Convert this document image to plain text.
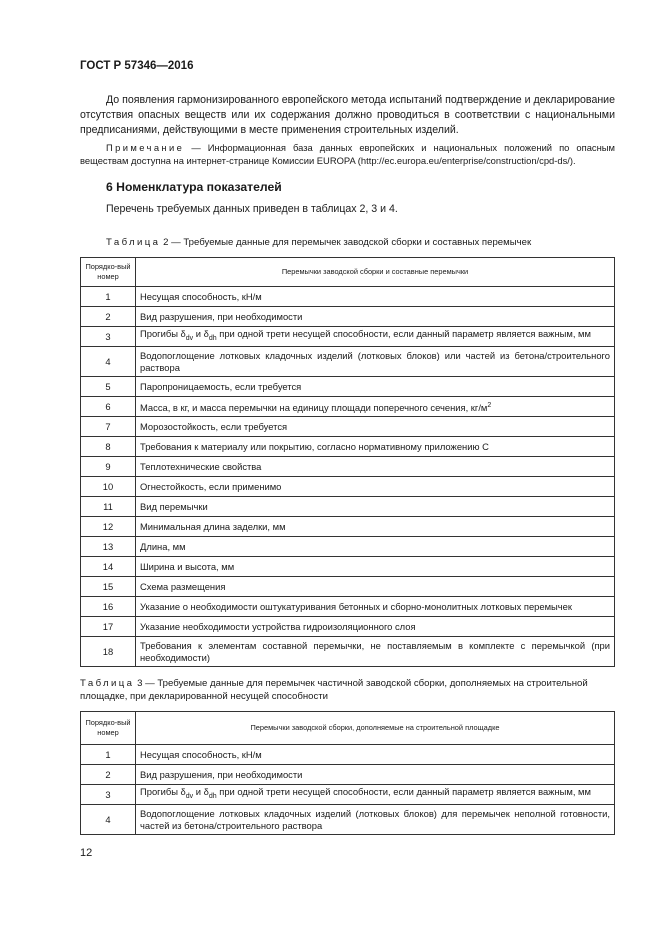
ГОСТ Р 57346—2016
До появления гармонизированного европейского метода испытаний подтверждение и декларирование отсутствия опасных веществ или их содержания должно проводиться в соответствии с национальными предписаниями, действующими в месте применения строительных изделий.
Примечание — Информационная база данных европейских и национальных положений по опасным веществам доступна на интернет-странице Комиссии EUROPA (http://ec.europa.eu/enterprise/construction/cpd-ds/).
6 Номенклатура показателей
Перечень требуемых данных приведен в таблицах 2, 3 и 4.
Таблица 2 — Требуемые данные для перемычек заводской сборки и составных перемычек
Порядко-вый номер	Перемычки заводской сборки и составные перемычки
1	Несущая способность, кН/м
2	Вид разрушения, при необходимости
3	Прогибы $\delta_{dv}$ и $\delta_{dh}$ при одной трети несущей способности, если данный параметр является важным, мм
4	Водопоглощение лотковых кладочных изделий (лотковых блоков) или частей из бетона/строительного раствора
5	Паропроницаемость, если требуется
6	Масса, в кг, и масса перемычки на единицу площади поперечного сечения, $кг/м^2$
7	Морозостойкость, если требуется
8	Требования к материалу или покрытию, согласно нормативному приложению С
9	Теплотехнические свойства
10	Огнестойкость, если применимо
11	Вид перемычки
12	Минимальная длина заделки, мм
13	Длина, мм
14	Ширина и высота, мм
15	Схема размещения
16	Указание о необходимости оштукатуривания бетонных и сборно-монолитных лотковых перемычек
17	Указание необходимости устройства гидроизоляционного слоя
18	Требования к элементам составной перемычки, не поставляемым в комплекте с перемычкой (при необходимости)
Таблица 3 — Требуемые данные для перемычек частичной заводской сборки, дополняемых на строительной площадке, при декларированной несущей способности
Порядко-вый номер	Перемычки заводской сборки, дополняемые на строительной площадке
1	Несущая способность, кН/м
2	Вид разрушения, при необходимости
3	Прогибы $\delta_{dv}$ и $\delta_{dh}$ при одной трети несущей способности, если данный параметр является важным, мм
4	Водопоглощение лотковых кладочных изделий (лотковых блоков) для перемычек неполной готовности, частей из бетона/строительного раствора
12
